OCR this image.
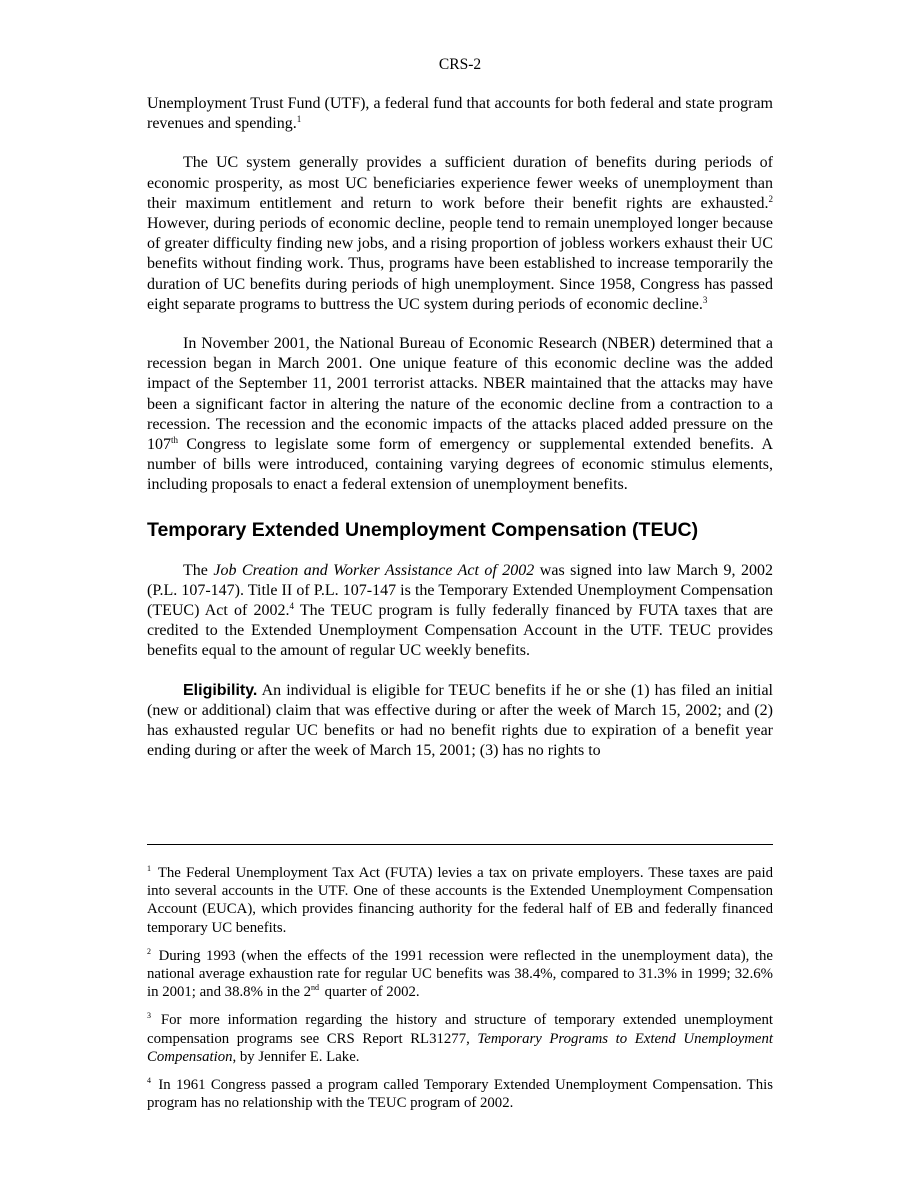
CRS-2

Unemployment Trust Fund (UTF), a federal fund that accounts for both federal and state program revenues and spending.$^1$

The UC system generally provides a sufficient duration of benefits during periods of economic prosperity, as most UC beneficiaries experience fewer weeks of unemployment than their maximum entitlement and return to work before their benefit rights are exhausted.$^2$ However, during periods of economic decline, people tend to remain unemployed longer because of greater difficulty finding new jobs, and a rising proportion of jobless workers exhaust their UC benefits without finding work. Thus, programs have been established to increase temporarily the duration of UC benefits during periods of high unemployment. Since 1958, Congress has passed eight separate programs to buttress the UC system during periods of economic decline.$^3$

In November 2001, the National Bureau of Economic Research (NBER) determined that a recession began in March 2001. One unique feature of this economic decline was the added impact of the September 11, 2001 terrorist attacks. NBER maintained that the attacks may have been a significant factor in altering the nature of the economic decline from a contraction to a recession. The recession and the economic impacts of the attacks placed added pressure on the 107th Congress to legislate some form of emergency or supplemental extended benefits. A number of bills were introduced, containing varying degrees of economic stimulus elements, including proposals to enact a federal extension of unemployment benefits.

Temporary Extended Unemployment Compensation (TEUC)

The Job Creation and Worker Assistance Act of 2002 was signed into law March 9, 2002 (P.L. 107-147). Title II of P.L. 107-147 is the Temporary Extended Unemployment Compensation (TEUC) Act of 2002.$^4$ The TEUC program is fully federally financed by FUTA taxes that are credited to the Extended Unemployment Compensation Account in the UTF. TEUC provides benefits equal to the amount of regular UC weekly benefits.

Eligibility. An individual is eligible for TEUC benefits if he or she (1) has filed an initial (new or additional) claim that was effective during or after the week of March 15, 2002; and (2) has exhausted regular UC benefits or had no benefit rights due to expiration of a benefit year ending during or after the week of March 15, 2001; (3) has no rights to

$^1$ The Federal Unemployment Tax Act (FUTA) levies a tax on private employers. These taxes are paid into several accounts in the UTF. One of these accounts is the Extended Unemployment Compensation Account (EUCA), which provides financing authority for the federal half of EB and federally financed temporary UC benefits.

$^2$ During 1993 (when the effects of the 1991 recession were reflected in the unemployment data), the national average exhaustion rate for regular UC benefits was 38.4%, compared to 31.3% in 1999; 32.6% in 2001; and 38.8% in the 2nd quarter of 2002.

$^3$ For more information regarding the history and structure of temporary extended unemployment compensation programs see CRS Report RL31277, Temporary Programs to Extend Unemployment Compensation, by Jennifer E. Lake.

$^4$ In 1961 Congress passed a program called Temporary Extended Unemployment Compensation. This program has no relationship with the TEUC program of 2002.
